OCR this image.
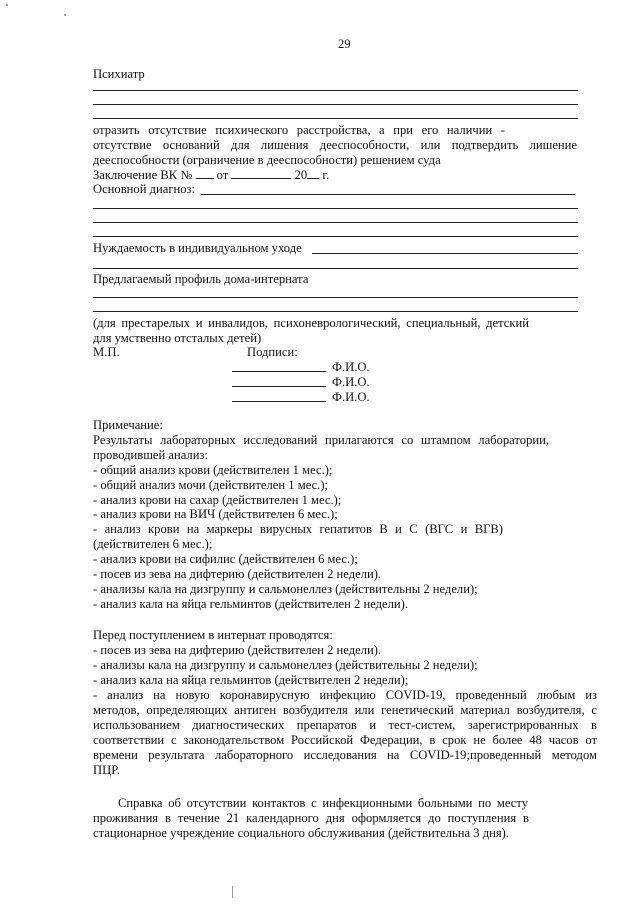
29
Психиатр
отразить отсутствие психического расстройства, а при его наличии -
отсутствие оснований для лишения дееспособности, или подтвердить лишение
дееспособности (ограничение в дееспособности) решением суда
Заключение ВК № от	20 г.
Основной диагноз:
Нуждаемость в индивидуальном уходе
Предлагаемый профиль дома-интерната
(для престарелых и инвалидов, психоневрологический, специальный, детский
для умственно отсталых детей)
М.П.	Подписи:
Ф.И.О.
Ф.И.О.
Ф.И.О.
Примечание:
Результаты лабораторных исследований прилагаются со штампом лаборатории,
проводившей анализ:
- общий анализ крови (действителен 1 мес.);
- общий анализ мочи (действителен 1 мес.);
- анализ крови на сахар (действителен 1 мес.);
- анализ крови на ВИЧ (действителен 6 мес.);
- анализ крови на маркеры вирусных гепатитов В и С (ВГС и ВГВ)
(действителен 6 мес.);
- анализ крови на сифилис (действителен 6 мес.);
- посев из зева на дифтерию (действителен 2 недели).
- анализы кала на дизгруппу и сальмонеллез (действительны 2 недели);
- анализ кала на яйца гельминтов (действителен 2 недели).
Перед поступлением в интернат проводятся:
- посев из зева на дифтерию (действителен 2 недели).
- анализы кала на дизгруппу и сальмонеллез (действительны 2 недели);
- анализ кала на яйца гельминтов (действителен 2 недели);
- анализ на новую коронавирусную инфекцию COVID-19, проведенный любым из
методов, определяющих антиген возбудителя или генетический материал возбудителя, с
использованием диагностических препаратов и тест-систем, зарегистрированных в
соответствии с законодательством Российской Федерации, в срок не более 48 часов от
времени результата лабораторного исследования на COVID-19;проведенный методом
ПЦР.
Справка об отсутствии контактов с инфекционными больными по месту
проживания в течение 21 календарного дня оформляется до поступления в
стационарное учреждение социального обслуживания (действительна 3 дня).
